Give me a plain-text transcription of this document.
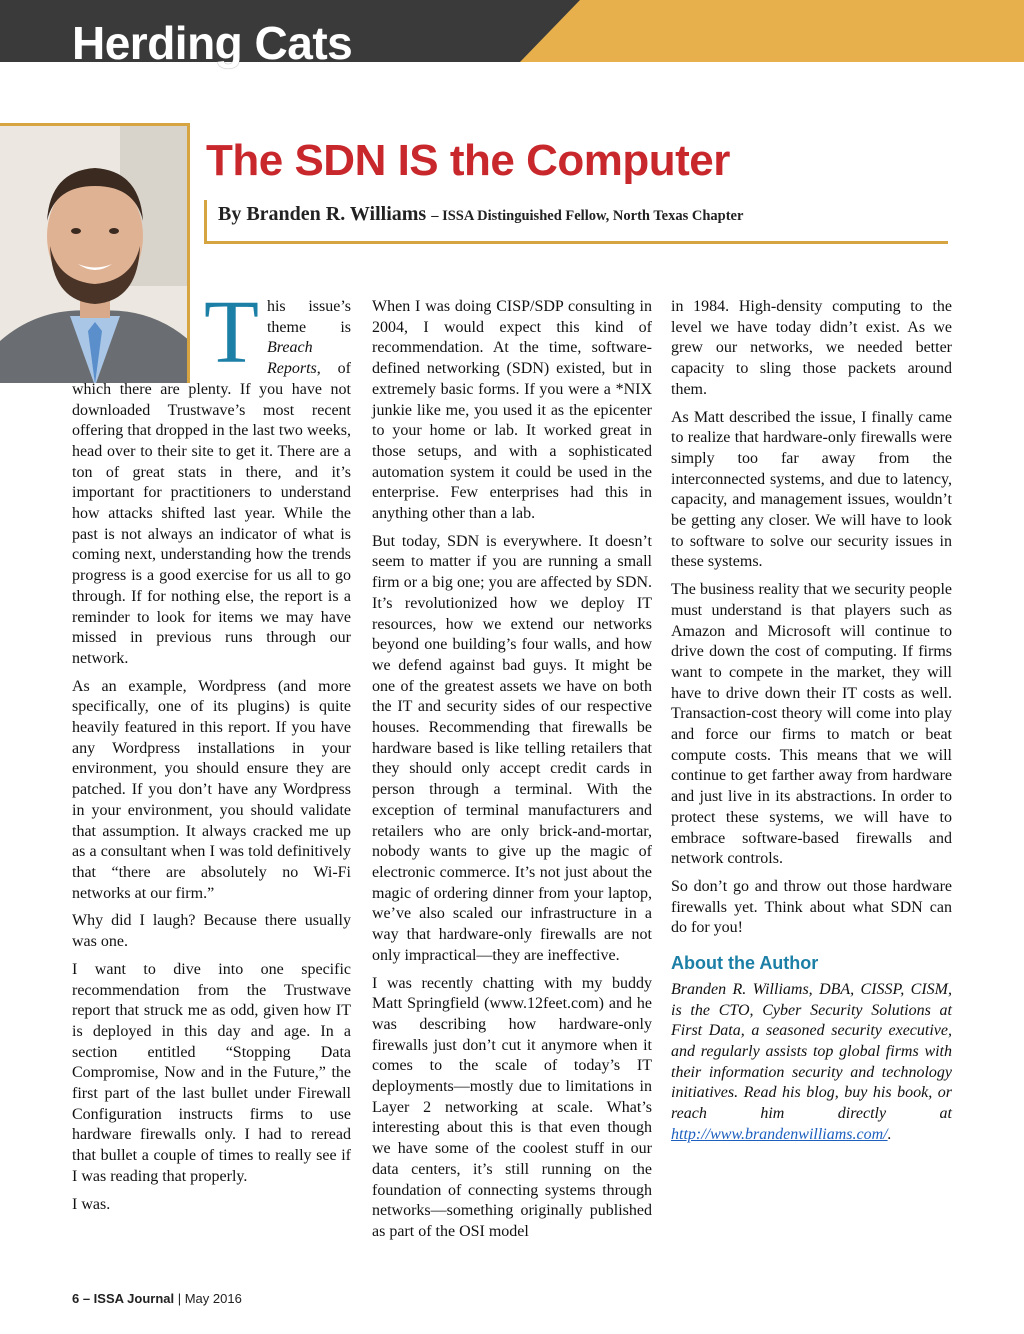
Herding Cats
The SDN IS the Computer
By Branden R. Williams – ISSA Distinguished Fellow, North Texas Chapter

This issue’s theme is Breach Reports, of which there are plenty. If you have not downloaded Trustwave’s most recent offering that dropped in the last two weeks, head over to their site to get it. There are a ton of great stats in there, and it’s important for practitioners to understand how attacks shifted last year. While the past is not always an indicator of what is coming next, understanding how the trends progress is a good exercise for us all to go through. If for nothing else, the report is a reminder to look for items we may have missed in previous runs through our network.

As an example, Wordpress (and more specifically, one of its plugins) is quite heavily featured in this report. If you have any Wordpress installations in your environment, you should ensure they are patched. If you don’t have any Wordpress in your environment, you should validate that assumption. It always cracked me up as a consultant when I was told definitively that “there are absolutely no Wi-Fi networks at our firm.”

Why did I laugh? Because there usually was one.

I want to dive into one specific recommendation from the Trustwave report that struck me as odd, given how IT is deployed in this day and age. In a section entitled “Stopping Data Compromise, Now and in the Future,” the first part of the last bullet under Firewall Configuration instructs firms to use hardware firewalls only. I had to reread that bullet a couple of times to really see if I was reading that properly.

I was.

When I was doing CISP/SDP consulting in 2004, I would expect this kind of recommendation. At the time, software-defined networking (SDN) existed, but in extremely basic forms. If you were a *NIX junkie like me, you used it as the epicenter to your home or lab. It worked great in those setups, and with a sophisticated automation system it could be used in the enterprise. Few enterprises had this in anything other than a lab.

But today, SDN is everywhere. It doesn’t seem to matter if you are running a small firm or a big one; you are affected by SDN. It’s revolutionized how we deploy IT resources, how we extend our networks beyond one building’s four walls, and how we defend against bad guys. It might be one of the greatest assets we have on both the IT and security sides of our respective houses. Recommending that firewalls be hardware based is like telling retailers that they should only accept credit cards in person through a terminal. With the exception of terminal manufacturers and retailers who are only brick-and-mortar, nobody wants to give up the magic of electronic commerce. It’s not just about the magic of ordering dinner from your laptop, we’ve also scaled our infrastructure in a way that hardware-only firewalls are not only impractical—they are ineffective.

I was recently chatting with my buddy Matt Springfield (www.12feet.com) and he was describing how hardware-only firewalls just don’t cut it anymore when it comes to the scale of today’s IT deployments—mostly due to limitations in Layer 2 networking at scale. What’s interesting about this is that even though we have some of the coolest stuff in our data centers, it’s still running on the foundation of connecting systems through networks—something originally published as part of the OSI model

in 1984. High-density computing to the level we have today didn’t exist. As we grew our networks, we needed better capacity to sling those packets around them.

As Matt described the issue, I finally came to realize that hardware-only firewalls were simply too far away from the interconnected systems, and due to latency, capacity, and management issues, wouldn’t be getting any closer. We will have to look to software to solve our security issues in these systems.

The business reality that we security people must understand is that players such as Amazon and Microsoft will continue to drive down the cost of computing. If firms want to compete in the market, they will have to drive down their IT costs as well. Transaction-cost theory will come into play and force our firms to match or beat compute costs. This means that we will continue to get farther away from hardware and just live in its abstractions. In order to protect these systems, we will have to embrace software-based firewalls and network controls.

So don’t go and throw out those hardware firewalls yet. Think about what SDN can do for you!

About the Author

Branden R. Williams, DBA, CISSP, CISM, is the CTO, Cyber Security Solutions at First Data, a seasoned security executive, and regularly assists top global firms with their information security and technology initiatives. Read his blog, buy his book, or reach him directly at http://www.brandenwilliams.com/.

6 – ISSA Journal | May 2016
